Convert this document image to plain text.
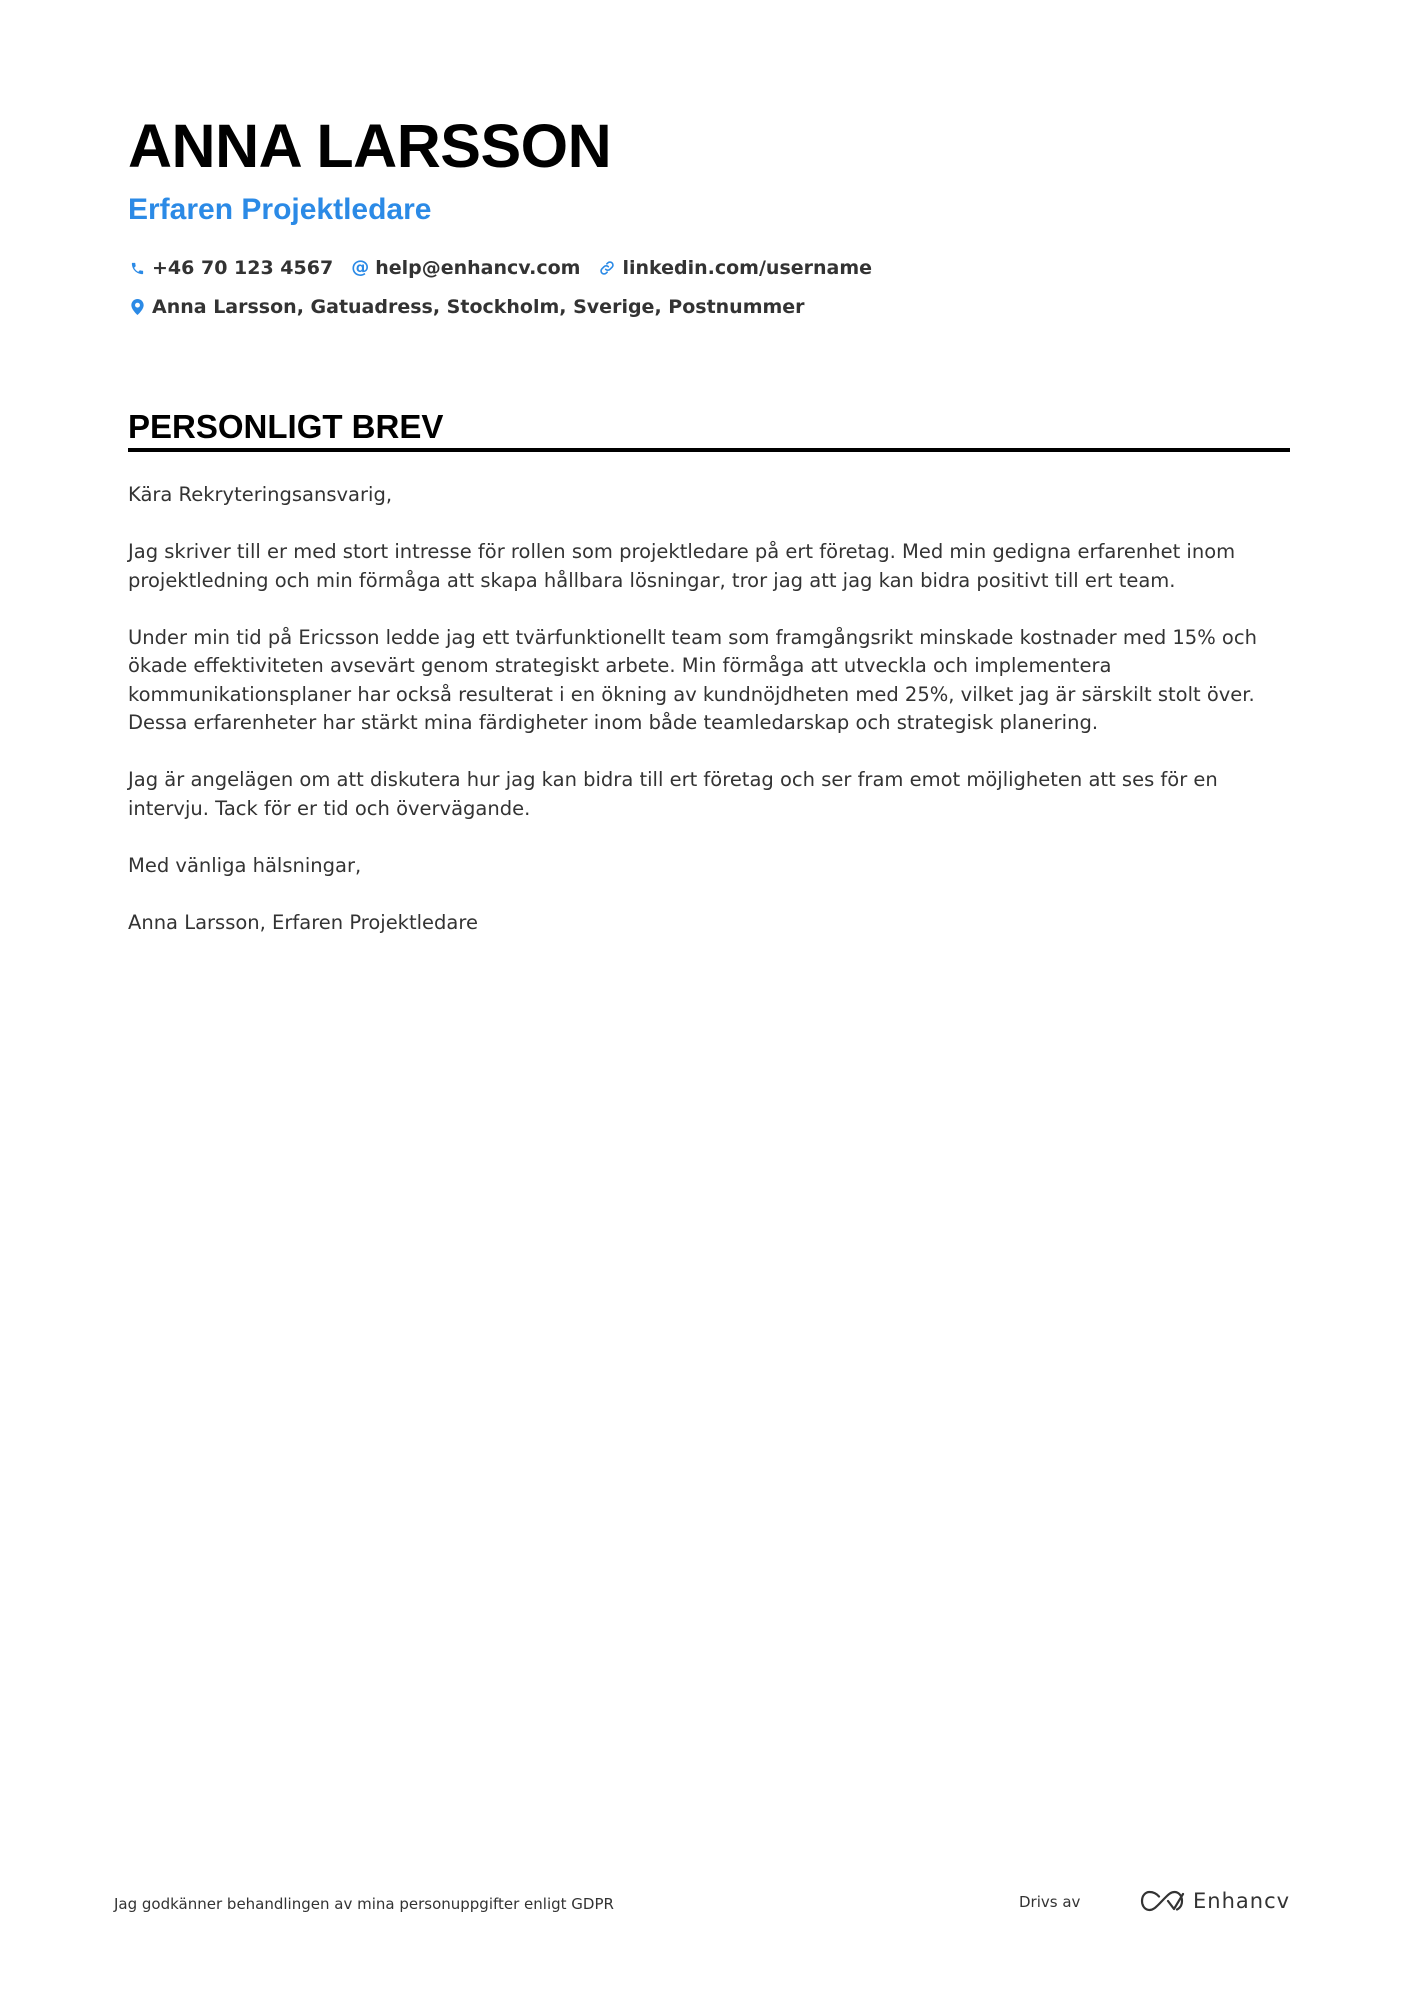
ANNA LARSSON
Erfaren Projektledare
+46 70 123 4567 @ help@enhancv.com linkedin.com/username
Anna Larsson, Gatuadress, Stockholm, Sverige, Postnummer
PERSONLIGT BREV

Kära Rekryteringsansvarig,

Jag skriver till er med stort intresse för rollen som projektledare på ert företag. Med min gedigna erfarenhet inom projektledning och min förmåga att skapa hållbara lösningar, tror jag att jag kan bidra positivt till ert team.

Under min tid på Ericsson ledde jag ett tvärfunktionellt team som framgångsrikt minskade kostnader med 15% och ökade effektiviteten avsevärt genom strategiskt arbete. Min förmåga att utveckla och implementera kommunikationsplaner har också resulterat i en ökning av kundnöjdheten med 25%, vilket jag är särskilt stolt över. Dessa erfarenheter har stärkt mina färdigheter inom både teamledarskap och strategisk planering.

Jag är angelägen om att diskutera hur jag kan bidra till ert företag och ser fram emot möjligheten att ses för en intervju. Tack för er tid och övervägande.

Med vänliga hälsningar,

Anna Larsson, Erfaren Projektledare

Jag godkänner behandlingen av mina personuppgifter enligt GDPR	Drivs av	Enhancv
